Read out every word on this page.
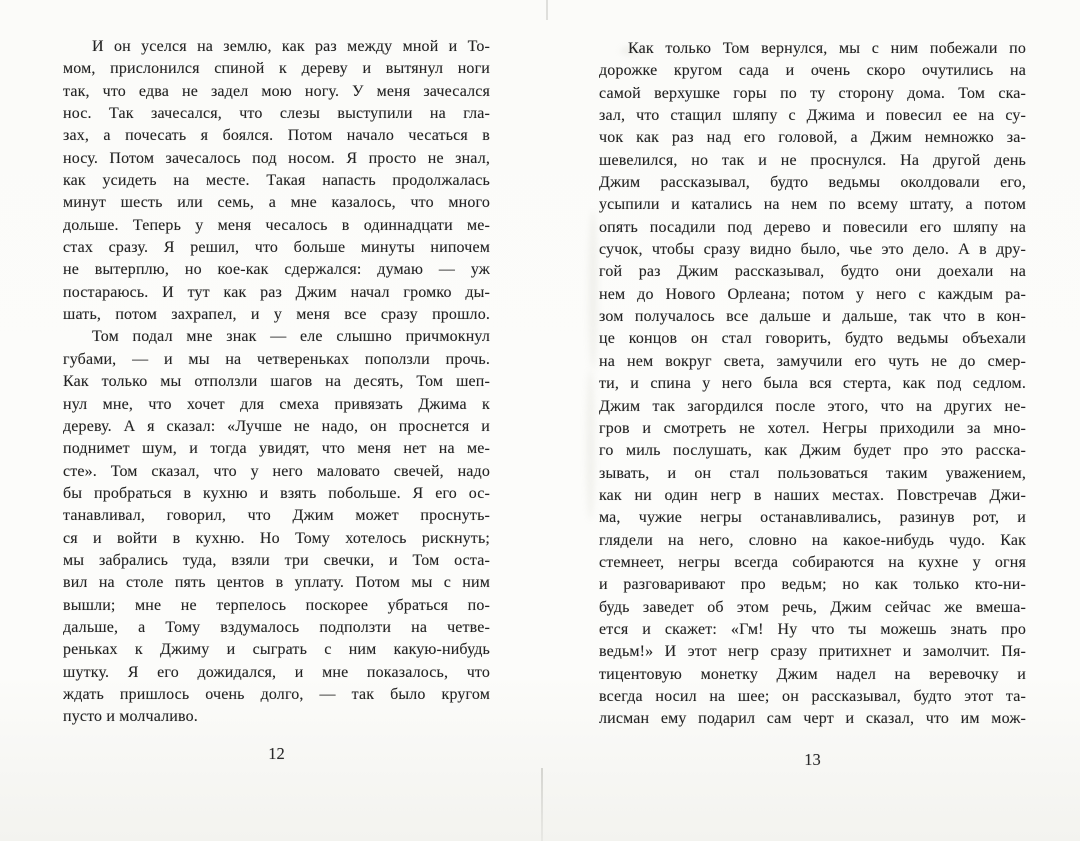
И он уселся на землю, как раз между мной и То-
мом, прислонился спиной к дереву и вытянул ноги
так, что едва не задел мою ногу. У меня зачесался
нос. Так зачесался, что слезы выступили на гла-
зах, а почесать я боялся. Потом начало чесаться в
носу. Потом зачесалось под носом. Я просто не знал,
как усидеть на месте. Такая напасть продолжалась
минут шесть или семь, а мне казалось, что много
дольше. Теперь у меня чесалось в одиннадцати ме-
стах сразу. Я решил, что больше минуты нипочем
не вытерплю, но кое-как сдержался: думаю — уж
постараюсь. И тут как раз Джим начал громко ды-
шать, потом захрапел, и у меня все сразу прошло.
Том подал мне знак — еле слышно причмокнул
губами, — и мы на четвереньках поползли прочь.
Как только мы отползли шагов на десять, Том шеп-
нул мне, что хочет для смеха привязать Джима к
дереву. А я сказал: «Лучше не надо, он проснется и
поднимет шум, и тогда увидят, что меня нет на ме-
сте». Том сказал, что у него маловато свечей, надо
бы пробраться в кухню и взять побольше. Я его ос-
танавливал, говорил, что Джим может проснуть-
ся и войти в кухню. Но Тому хотелось рискнуть;
мы забрались туда, взяли три свечки, и Том оста-
вил на столе пять центов в уплату. Потом мы с ним
вышли; мне не терпелось поскорее убраться по-
дальше, а Тому вздумалось подползти на четве-
реньках к Джиму и сыграть с ним какую-нибудь
шутку. Я его дожидался, и мне показалось, что
ждать пришлось очень долго, — так было кругом
пусто и молчаливо.
Как только Том вернулся, мы с ним побежали по
дорожке кругом сада и очень скоро очутились на
самой верхушке горы по ту сторону дома. Том ска-
зал, что стащил шляпу с Джима и повесил ее на су-
чок как раз над его головой, а Джим немножко за-
шевелился, но так и не проснулся. На другой день
Джим рассказывал, будто ведьмы околдовали его,
усыпили и катались на нем по всему штату, а потом
опять посадили под дерево и повесили его шляпу на
сучок, чтобы сразу видно было, чье это дело. А в дру-
гой раз Джим рассказывал, будто они доехали на
нем до Нового Орлеана; потом у него с каждым ра-
зом получалось все дальше и дальше, так что в кон-
це концов он стал говорить, будто ведьмы объехали
на нем вокруг света, замучили его чуть не до смер-
ти, и спина у него была вся стерта, как под седлом.
Джим так загордился после этого, что на других не-
гров и смотреть не хотел. Негры приходили за мно-
го миль послушать, как Джим будет про это расска-
зывать, и он стал пользоваться таким уважением,
как ни один негр в наших местах. Повстречав Джи-
ма, чужие негры останавливались, разинув рот, и
глядели на него, словно на какое-нибудь чудо. Как
стемнеет, негры всегда собираются на кухне у огня
и разговаривают про ведьм; но как только кто-ни-
будь заведет об этом речь, Джим сейчас же вмеша-
ется и скажет: «Гм! Ну что ты можешь знать про
ведьм!» И этот негр сразу притихнет и замолчит. Пя-
тицентовую монетку Джим надел на веревочку и
всегда носил на шее; он рассказывал, будто этот та-
лисман ему подарил сам черт и сказал, что им мож-
12	13
